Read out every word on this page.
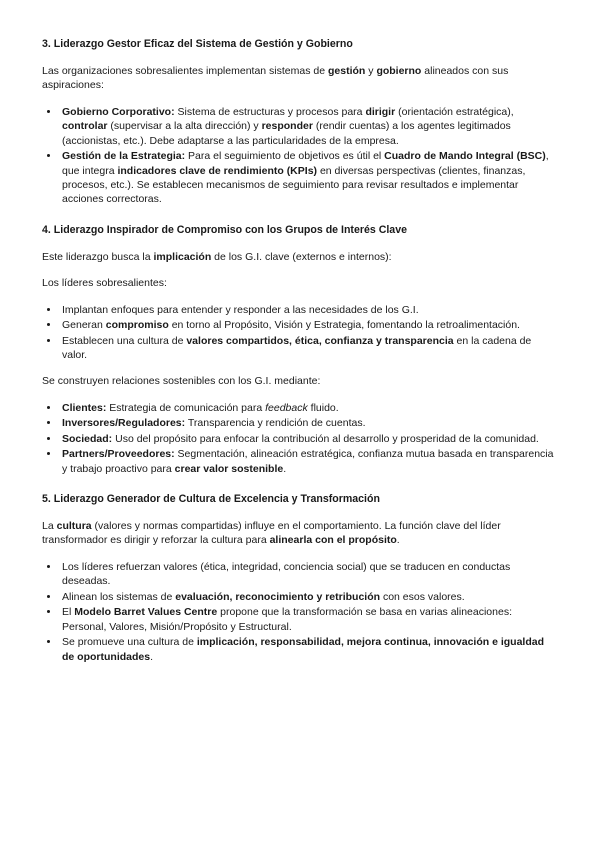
3. Liderazgo Gestor Eficaz del Sistema de Gestión y Gobierno

Las organizaciones sobresalientes implementan sistemas de gestión y gobierno alineados con sus aspiraciones:

• Gobierno Corporativo: Sistema de estructuras y procesos para dirigir (orientación estratégica), controlar (supervisar a la alta dirección) y responder (rendir cuentas) a los agentes legitimados (accionistas, etc.). Debe adaptarse a las particularidades de la empresa.
• Gestión de la Estrategia: Para el seguimiento de objetivos es útil el Cuadro de Mando Integral (BSC), que integra indicadores clave de rendimiento (KPIs) en diversas perspectivas (clientes, finanzas, procesos, etc.). Se establecen mecanismos de seguimiento para revisar resultados e implementar acciones correctoras.
4. Liderazgo Inspirador de Compromiso con los Grupos de Interés Clave

Este liderazgo busca la implicación de los G.I. clave (externos e internos):

Los líderes sobresalientes:

• Implantan enfoques para entender y responder a las necesidades de los G.I.
• Generan compromiso en torno al Propósito, Visión y Estrategia, fomentando la retroalimentación.
• Establecen una cultura de valores compartidos, ética, confianza y transparencia en la cadena de valor.

Se construyen relaciones sostenibles con los G.I. mediante:

• Clientes: Estrategia de comunicación para feedback fluido.
• Inversores/Reguladores: Transparencia y rendición de cuentas.
• Sociedad: Uso del propósito para enfocar la contribución al desarrollo y prosperidad de la comunidad.
• Partners/Proveedores: Segmentación, alineación estratégica, confianza mutua basada en transparencia y trabajo proactivo para crear valor sostenible.
5. Liderazgo Generador de Cultura de Excelencia y Transformación

La cultura (valores y normas compartidas) influye en el comportamiento. La función clave del líder transformador es dirigir y reforzar la cultura para alinearla con el propósito.

• Los líderes refuerzan valores (ética, integridad, conciencia social) que se traducen en conductas deseadas.
• Alinean los sistemas de evaluación, reconocimiento y retribución con esos valores.
• El Modelo Barret Values Centre propone que la transformación se basa en varias alineaciones: Personal, Valores, Misión/Propósito y Estructural.
• Se promueve una cultura de implicación, responsabilidad, mejora continua, innovación e igualdad de oportunidades.
